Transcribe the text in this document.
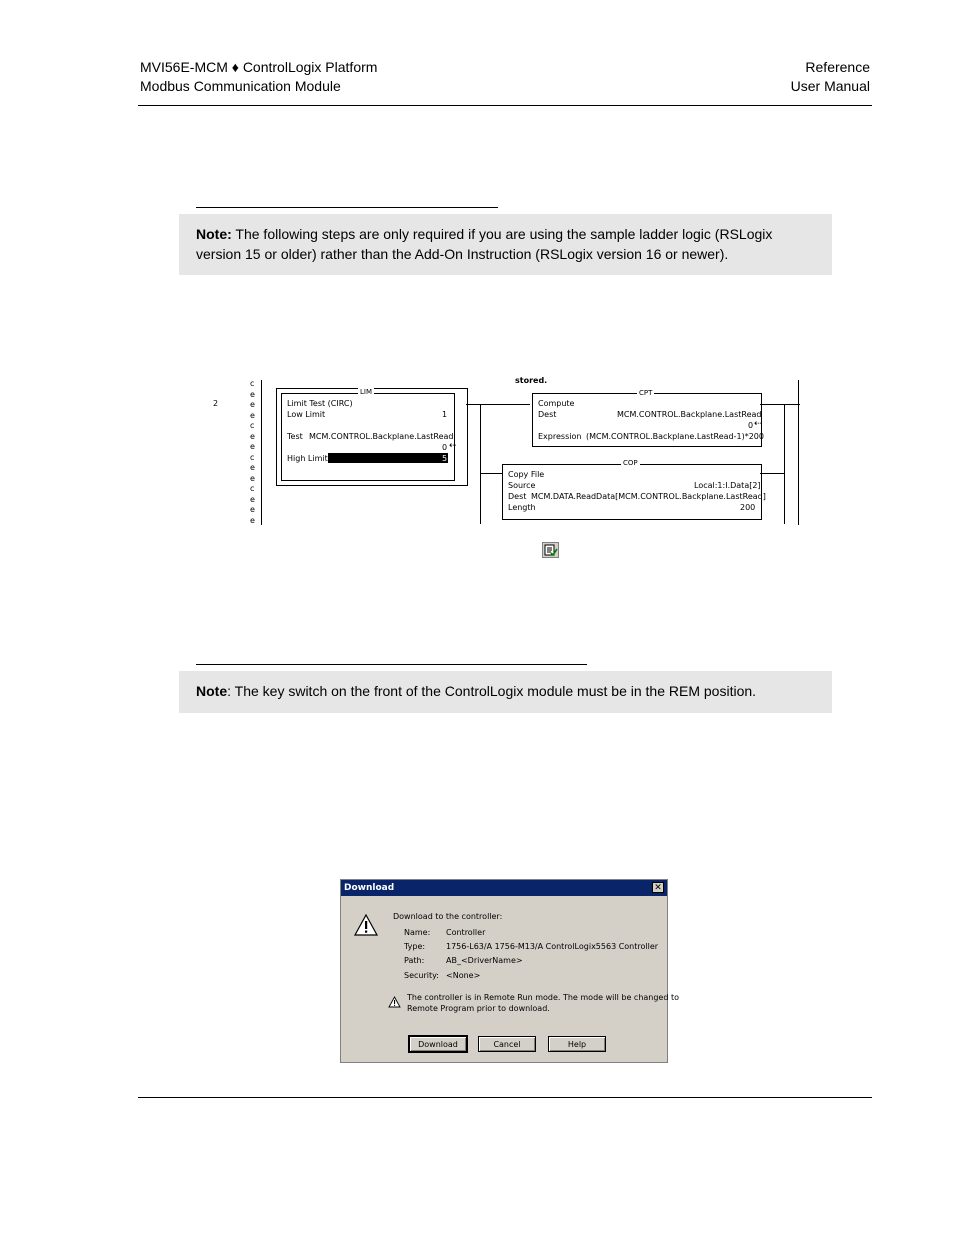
MVI56E-MCM ♦ ControlLogix Platform
Modbus Communication Module
Reference
User Manual
Note: The following steps are only required if you are using the sample ladder logic (RSLogix version 15 or older) rather than the Add-On Instruction (RSLogix version 16 or newer).
stored.
2
c
e
e
e
c
e
e
c
e
e
c
e
e
e
LIM
Limit Test (CIRC)
Low Limit	1
Test MCM.CONTROL.Backplane.LastRead
0 ⇠
High Limit	5
CPT
Compute
Dest	MCM.CONTROL.Backplane.LastRead
0 ⇠
Expression (MCM.CONTROL.Backplane.LastRead-1)*200
COP
Copy File
Source	Local:1:I.Data[2]
Dest MCM.DATA.ReadData[MCM.CONTROL.Backplane.LastRead]
Length	200
Note: The key switch on the front of the ControlLogix module must be in the REM position.
Download	✕
Download to the controller:
Name: Controller
Type:	1756-L63/A 1756-M13/A ControlLogix5563 Controller
Path:	AB_<DriverName>
Security: <None>
The controller is in Remote Run mode. The mode will be changed to
Remote Program prior to download.
Download	Cancel	Help
